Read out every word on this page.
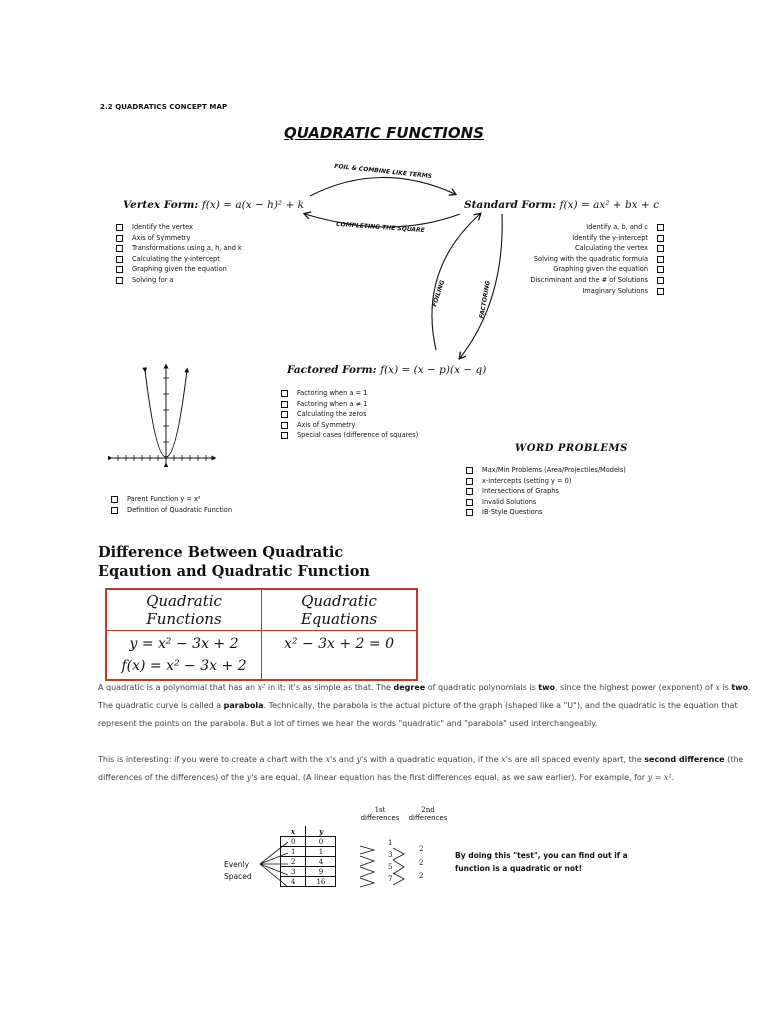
2.2 QUADRATICS CONCEPT MAP
QUADRATIC FUNCTIONS
FOIL & COMBINE LIKE TERMS
COMPLETING THE SQUARE
FOILING	FACTORING
Vertex Form: f(x) = a(x − h)² + k
Identify the vertex
Axis of Symmetry
Transformations using a, h, and k
Calculating the y-intercept
Graphing given the equation
Solving for a
Standard Form: f(x) = ax² + bx + c
Identify a, b, and c
Identify the y-intercept
Calculating the vertex
Solving with the quadratic formula
Graphing given the equation
Discriminant and the # of Solutions
Imaginary Solutions
Factored Form: f(x) = (x − p)(x − q)
Factoring when a = 1
Factoring when a ≠ 1
Calculating the zeros
Axis of Symmetry
Special cases (difference of squares)
Parent Function y = x²
Definition of Quadratic Function
WORD PROBLEMS
Max/Min Problems (Area/Projectiles/Models)
x-intercepts (setting y = 0)
Intersections of Graphs
Invalid Solutions
IB-Style Questions
Difference Between Quadratic Eqaution and Quadratic Function
Quadratic Functions	Quadratic Equations

y = x² − 3x + 2
f(x) = x² − 3x + 2	x² − 3x + 2 = 0

A quadratic is a polynomial that has an x² in it; it's as simple as that. The degree of quadratic polynomials is two, since the highest power (exponent) of x is two. The quadratic curve is called a parabola. Technically, the parabola is the actual picture of the graph (shaped like a "U"), and the quadratic is the equation that represent the points on the parabola. But a lot of times we hear the words "quadratic" and "parabola" used interchangeably.

This is interesting: if you were to create a chart with the x's and y's with a quadratic equation, if the x's are all spaced evenly apart, the second difference (the differences of the differences) of the y's are equal. (A linear equation has the first differences equal, as we saw earlier). For example, for y = x².

1st
differences
2nd
differences
x	y
0	0
1	1
2	4
3	9
4	16
Evenly
Spaced
1
3
5
7
2
2
2
By doing this "test", you can find out if a function is a quadratic or not!
